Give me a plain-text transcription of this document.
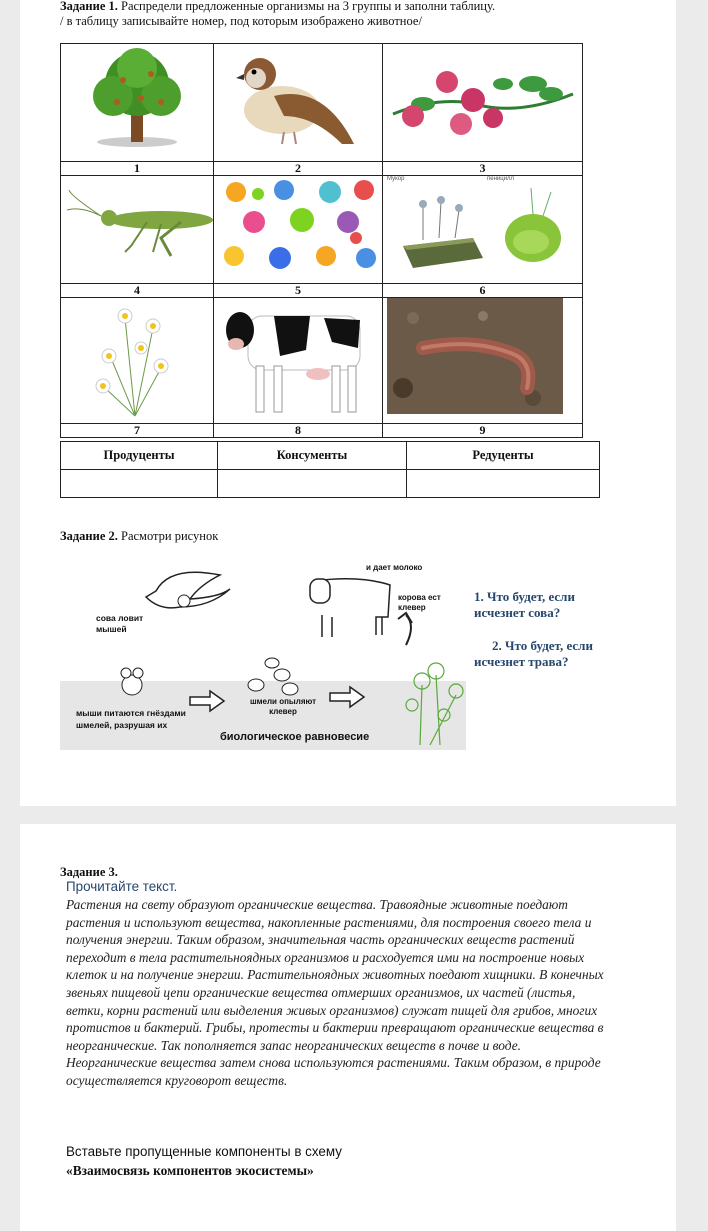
Задание 1. Распредели предложенные организмы на 3 группы и заполни таблицу.
/ в таблицу записывайте номер, под которым изображено животное/

1	2	3

Мукор пеницилл

4	5	6

7	8	9
Продуценты	Консументы	Редуценты

Задание 2. Расмотри рисунок
сова ловит мышей
и дает молоко
корова ест клевер
мыши питаются гнёздами шмелей, разрушая их
шмели опыляют клевер
биологическое равновесие
1. Что будет, если исчезнет сова?
2. Что будет, если исчезнет трава?
Задание 3.
Прочитайте текст.
Растения на свету образуют органические вещества. Травоядные животные поедают растения и используют вещества, накопленные растениями, для построения своего тела и получения энергии. Таким образом, значительная часть органических веществ растений переходит в тела растительноядных организмов и расходуется ими на построение новых клеток и на получение энергии. Растительноядных животных поедают хищники. В конечных звеньях пищевой цепи органические вещества отмерших организмов, их частей (листья, ветки, корни растений или выделения живых организмов) служат пищей для грибов, многих протистов и бактерий. Грибы, протесты и бактерии превращают органические вещества в неорганические. Так пополняется запас неорганических веществ в почве и воде. Неорганические вещества затем снова используются растениями. Таким образом, в природе осуществляется круговорот веществ.
Вставьте пропущенные компоненты в схему
«Взаимосвязь компонентов экосистемы»
